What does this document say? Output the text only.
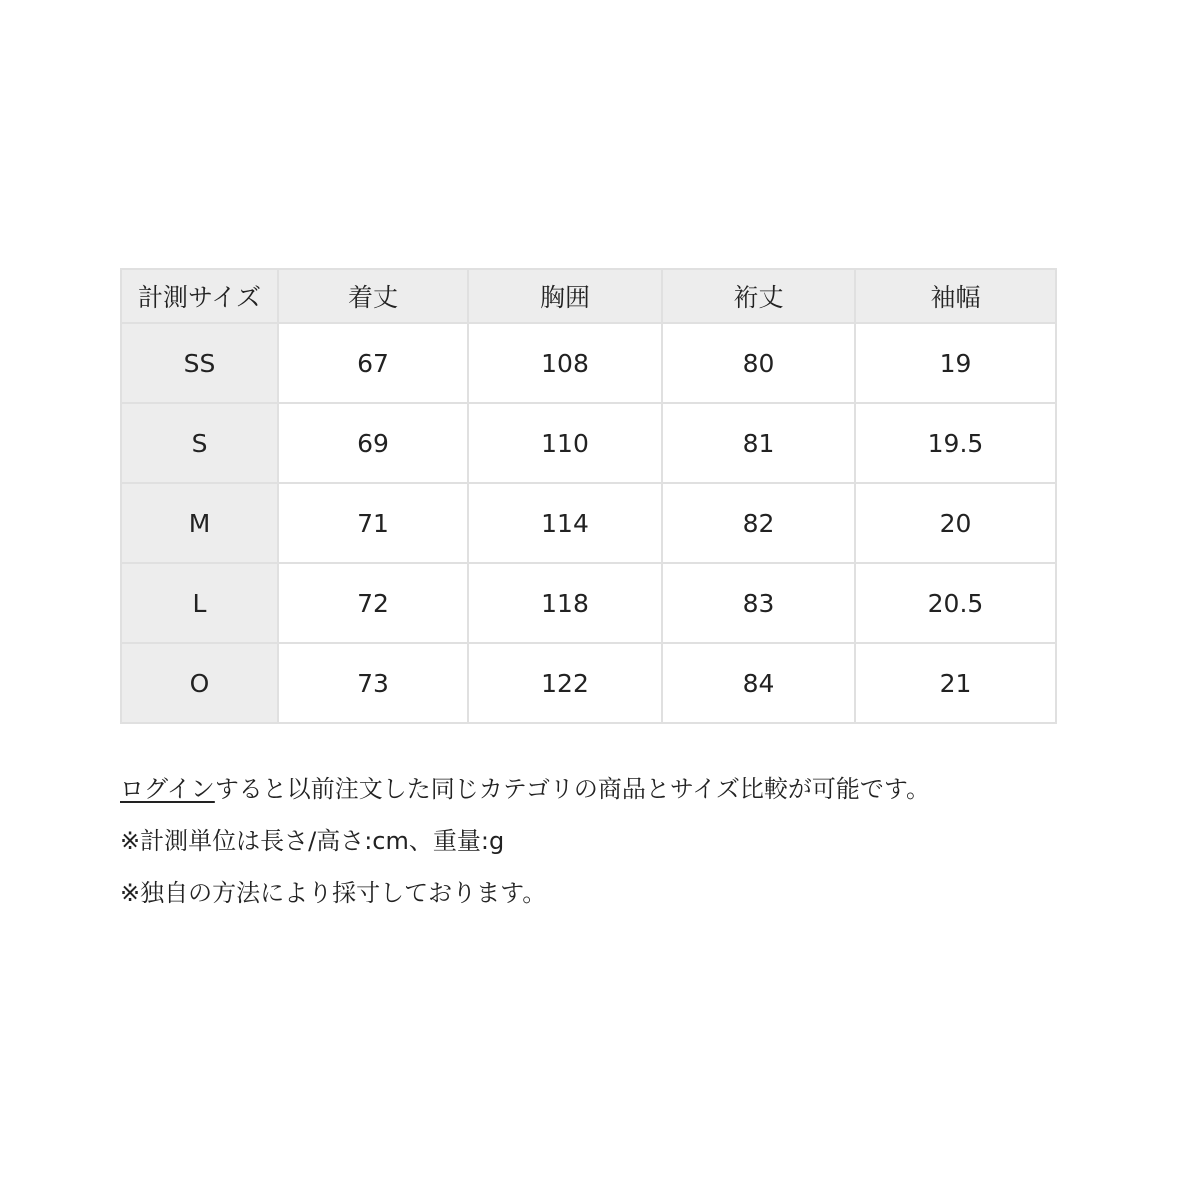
計測サイズ	着丈	胸囲	裄丈	袖幅
SS	67	108	80	19
S	69	110	81	19.5
M	71	114	82	20
L	72	118	83	20.5
O	73	122	84	21

ログインすると以前注文した同じカテゴリの商品とサイズ比較が可能です。

※計測単位は長さ/高さ:cm、重量:g

※独自の方法により採寸しております。
